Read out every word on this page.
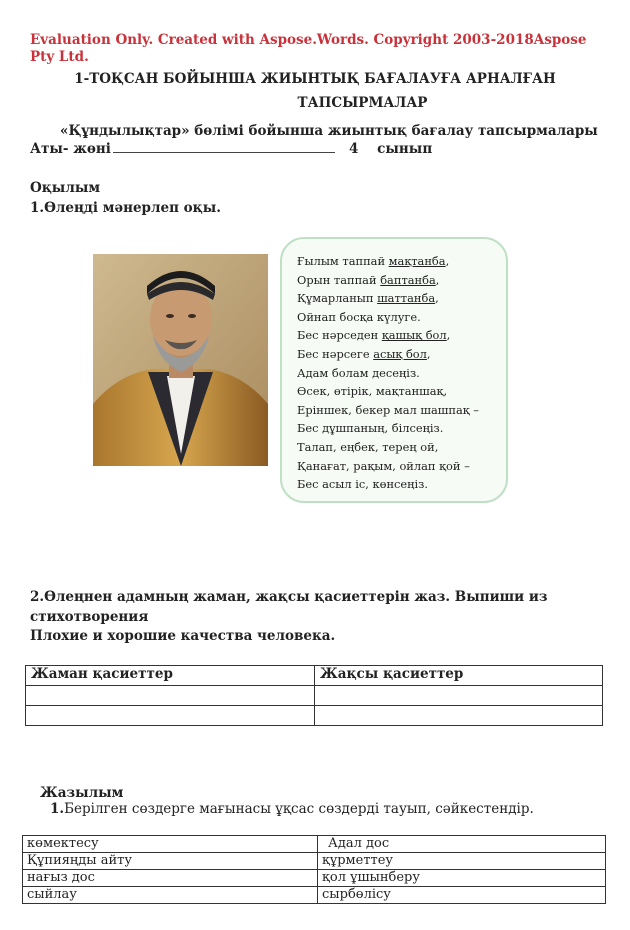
Evaluation Only. Created with Aspose.Words. Copyright 2003-2018Aspose Pty Ltd.
1-ТОҚСАН БОЙЫНША ЖИЫНТЫҚ БАҒАЛАУҒА АРНАЛҒАН
ТАПСЫРМАЛАР
«Құндылықтар» бөлімі бойынша жиынтық бағалау тапсырмалары
Аты- жөні	4 сынып
Оқылым
1.Өлеңді мәнерлеп оқы.
Ғылым таппай мақтанба,
Орын таппай баптанба,
Құмарланып шаттанба,
Ойнап босқа күлуге.
Бес нәрседен қашық бол,
Бес нәрсеге асық бол,
Адам болам десеңіз.
Өсек, өтірік, мақтаншақ,
Еріншек, бекер мал шашпақ –
Бес дұшпаның, білсеңіз.
Талап, еңбек, терең ой,
Қанағат, рақым, ойлап қой –
Бес асыл іс, көнсеңіз.
2.Өлеңнен адамның жаман, жақсы қасиеттерін жаз. Выпиши из
стихотворения
Плохие и хорошие качества человека.
Жаман қасиеттер	Жақсы қасиеттер

Жазылым
1.Берілген сөздерге мағынасы ұқсас сөздерді тауып, сәйкестендір.
көмектесу	Адал дос
Құпияңды айту	құрметтеу
нағыз дос	қол ұшынберу
сыйлау	сырбөлісу
